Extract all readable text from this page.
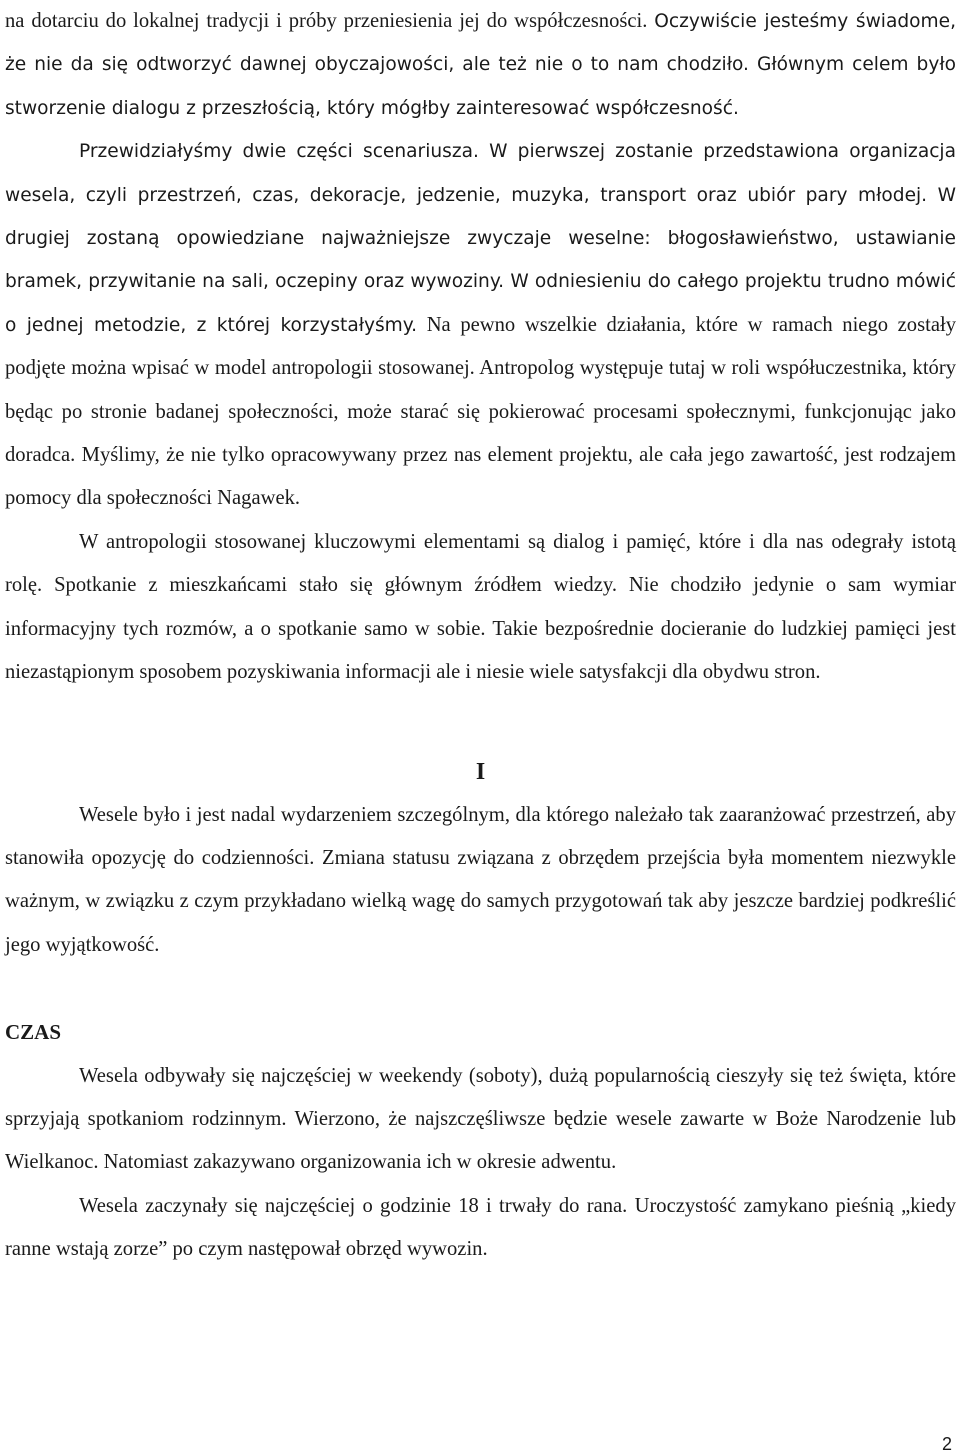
na dotarciu do lokalnej tradycji i próby przeniesienia jej do współczesności. Oczywiście jesteśmy świadome, że nie da się odtworzyć dawnej obyczajowości, ale też nie o to nam chodziło. Głównym celem było stworzenie dialogu z przeszłością, który mógłby zainteresować współczesność.

Przewidziałyśmy dwie części scenariusza. W pierwszej zostanie przedstawiona organizacja wesela, czyli przestrzeń, czas, dekoracje, jedzenie, muzyka, transport oraz ubiór pary młodej. W drugiej zostaną opowiedziane najważniejsze zwyczaje weselne: błogosławieństwo, ustawianie bramek, przywitanie na sali, oczepiny oraz wywoziny. W odniesieniu do całego projektu trudno mówić o jednej metodzie, z której korzystałyśmy. Na pewno wszelkie działania, które w ramach niego zostały podjęte można wpisać w model antropologii stosowanej. Antropolog występuje tutaj w roli współuczestnika, który będąc po stronie badanej społeczności, może starać się pokierować procesami społecznymi, funkcjonując jako doradca. Myślimy, że nie tylko opracowywany przez nas element projektu, ale cała jego zawartość, jest rodzajem pomocy dla społeczności Nagawek.

W antropologii stosowanej kluczowymi elementami są dialog i pamięć, które i dla nas odegrały istotą rolę. Spotkanie z mieszkańcami stało się głównym źródłem wiedzy. Nie chodziło jedynie o sam wymiar informacyjny tych rozmów, a o spotkanie samo w sobie. Takie bezpośrednie docieranie do ludzkiej pamięci jest niezastąpionym sposobem pozyskiwania informacji ale i niesie wiele satysfakcji dla obydwu stron.

I

Wesele było i jest nadal wydarzeniem szczególnym, dla którego należało tak zaaranżować przestrzeń, aby stanowiła opozycję do codzienności. Zmiana statusu związana z obrzędem przejścia była momentem niezwykle ważnym, w związku z czym przykładano wielką wagę do samych przygotowań tak aby jeszcze bardziej podkreślić jego wyjątkowość.

CZAS

Wesela odbywały się najczęściej w weekendy (soboty), dużą popularnością cieszyły się też święta, które sprzyjają spotkaniom rodzinnym. Wierzono, że najszczęśliwsze będzie wesele zawarte w Boże Narodzenie lub Wielkanoc. Natomiast zakazywano organizowania ich w okresie adwentu.

Wesela zaczynały się najczęściej o godzinie 18 i trwały do rana. Uroczystość zamykano pieśnią „kiedy ranne wstają zorze” po czym następował obrzęd wywozin.

2
